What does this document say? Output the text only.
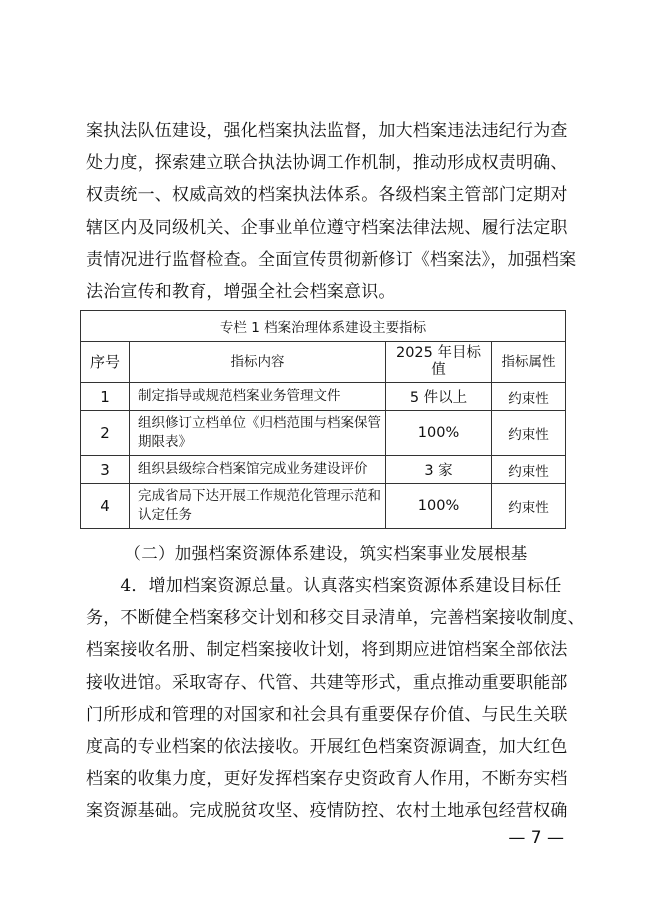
案执法队伍建设，强化档案执法监督，加大档案违法违纪行为查
处力度，探索建立联合执法协调工作机制，推动形成权责明确、
权责统一、权威高效的档案执法体系。各级档案主管部门定期对
辖区内及同级机关、企事业单位遵守档案法律法规、履行法定职
责情况进行监督检查。全面宣传贯彻新修订《档案法》，加强档案
法治宣传和教育，增强全社会档案意识。
专栏 1 档案治理体系建设主要指标			
序号	指标内容	2025 年目标值	指标属性
1	制定指导或规范档案业务管理文件	5 件以上	约束性
2	组织修订立档单位《归档范围与档案保管期限表》	100%	约束性
3	组织县级综合档案馆完成业务建设评价	3 家	约束性
4	完成省局下达开展工作规范化管理示范和认定任务	100%	约束性
（二）加强档案资源体系建设，筑实档案事业发展根基
　　4．增加档案资源总量。认真落实档案资源体系建设目标任
务，不断健全档案移交计划和移交目录清单，完善档案接收制度、
档案接收名册、制定档案接收计划，将到期应进馆档案全部依法
接收进馆。采取寄存、代管、共建等形式，重点推动重要职能部
门所形成和管理的对国家和社会具有重要保存价值、与民生关联
度高的专业档案的依法接收。开展红色档案资源调查，加大红色
档案的收集力度，更好发挥档案存史资政育人作用，不断夯实档
案资源基础。完成脱贫攻坚、疫情防控、农村土地承包经营权确
— 7 —
